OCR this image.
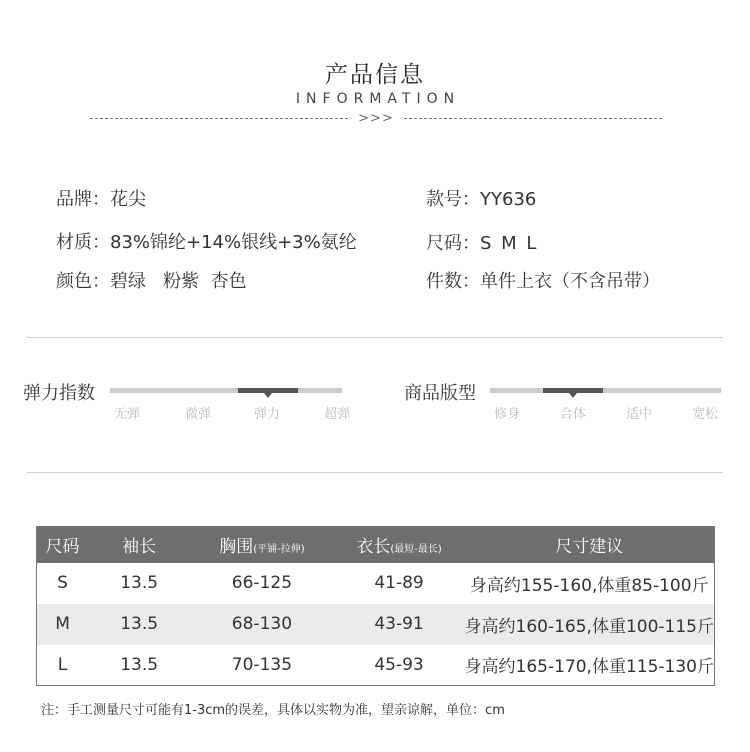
产品信息
INFORMATION
>>>
品牌：花尖	款号：YY636
材质：83%锦纶+14%银线+3%氨纶	尺码：S M L
颜色：碧绿   粉紫  杏色	件数：单件上衣（不含吊带）
弹力指数
无弹	微弹	弹力	超弹
商品版型
修身	合体	适中	宽松
尺码	袖长	胸围(平铺-拉伸)	衣长(最短-最长)	尺寸建议
S	13.5	66-125	41-89	身高约155-160,体重85-100斤
M	13.5	68-130	43-91	身高约160-165,体重100-115斤
L	13.5	70-135	45-93	身高约165-170,体重115-130斤
注：手工测量尺寸可能有1-3cm的误差，具体以实物为准，望亲谅解，单位：cm
